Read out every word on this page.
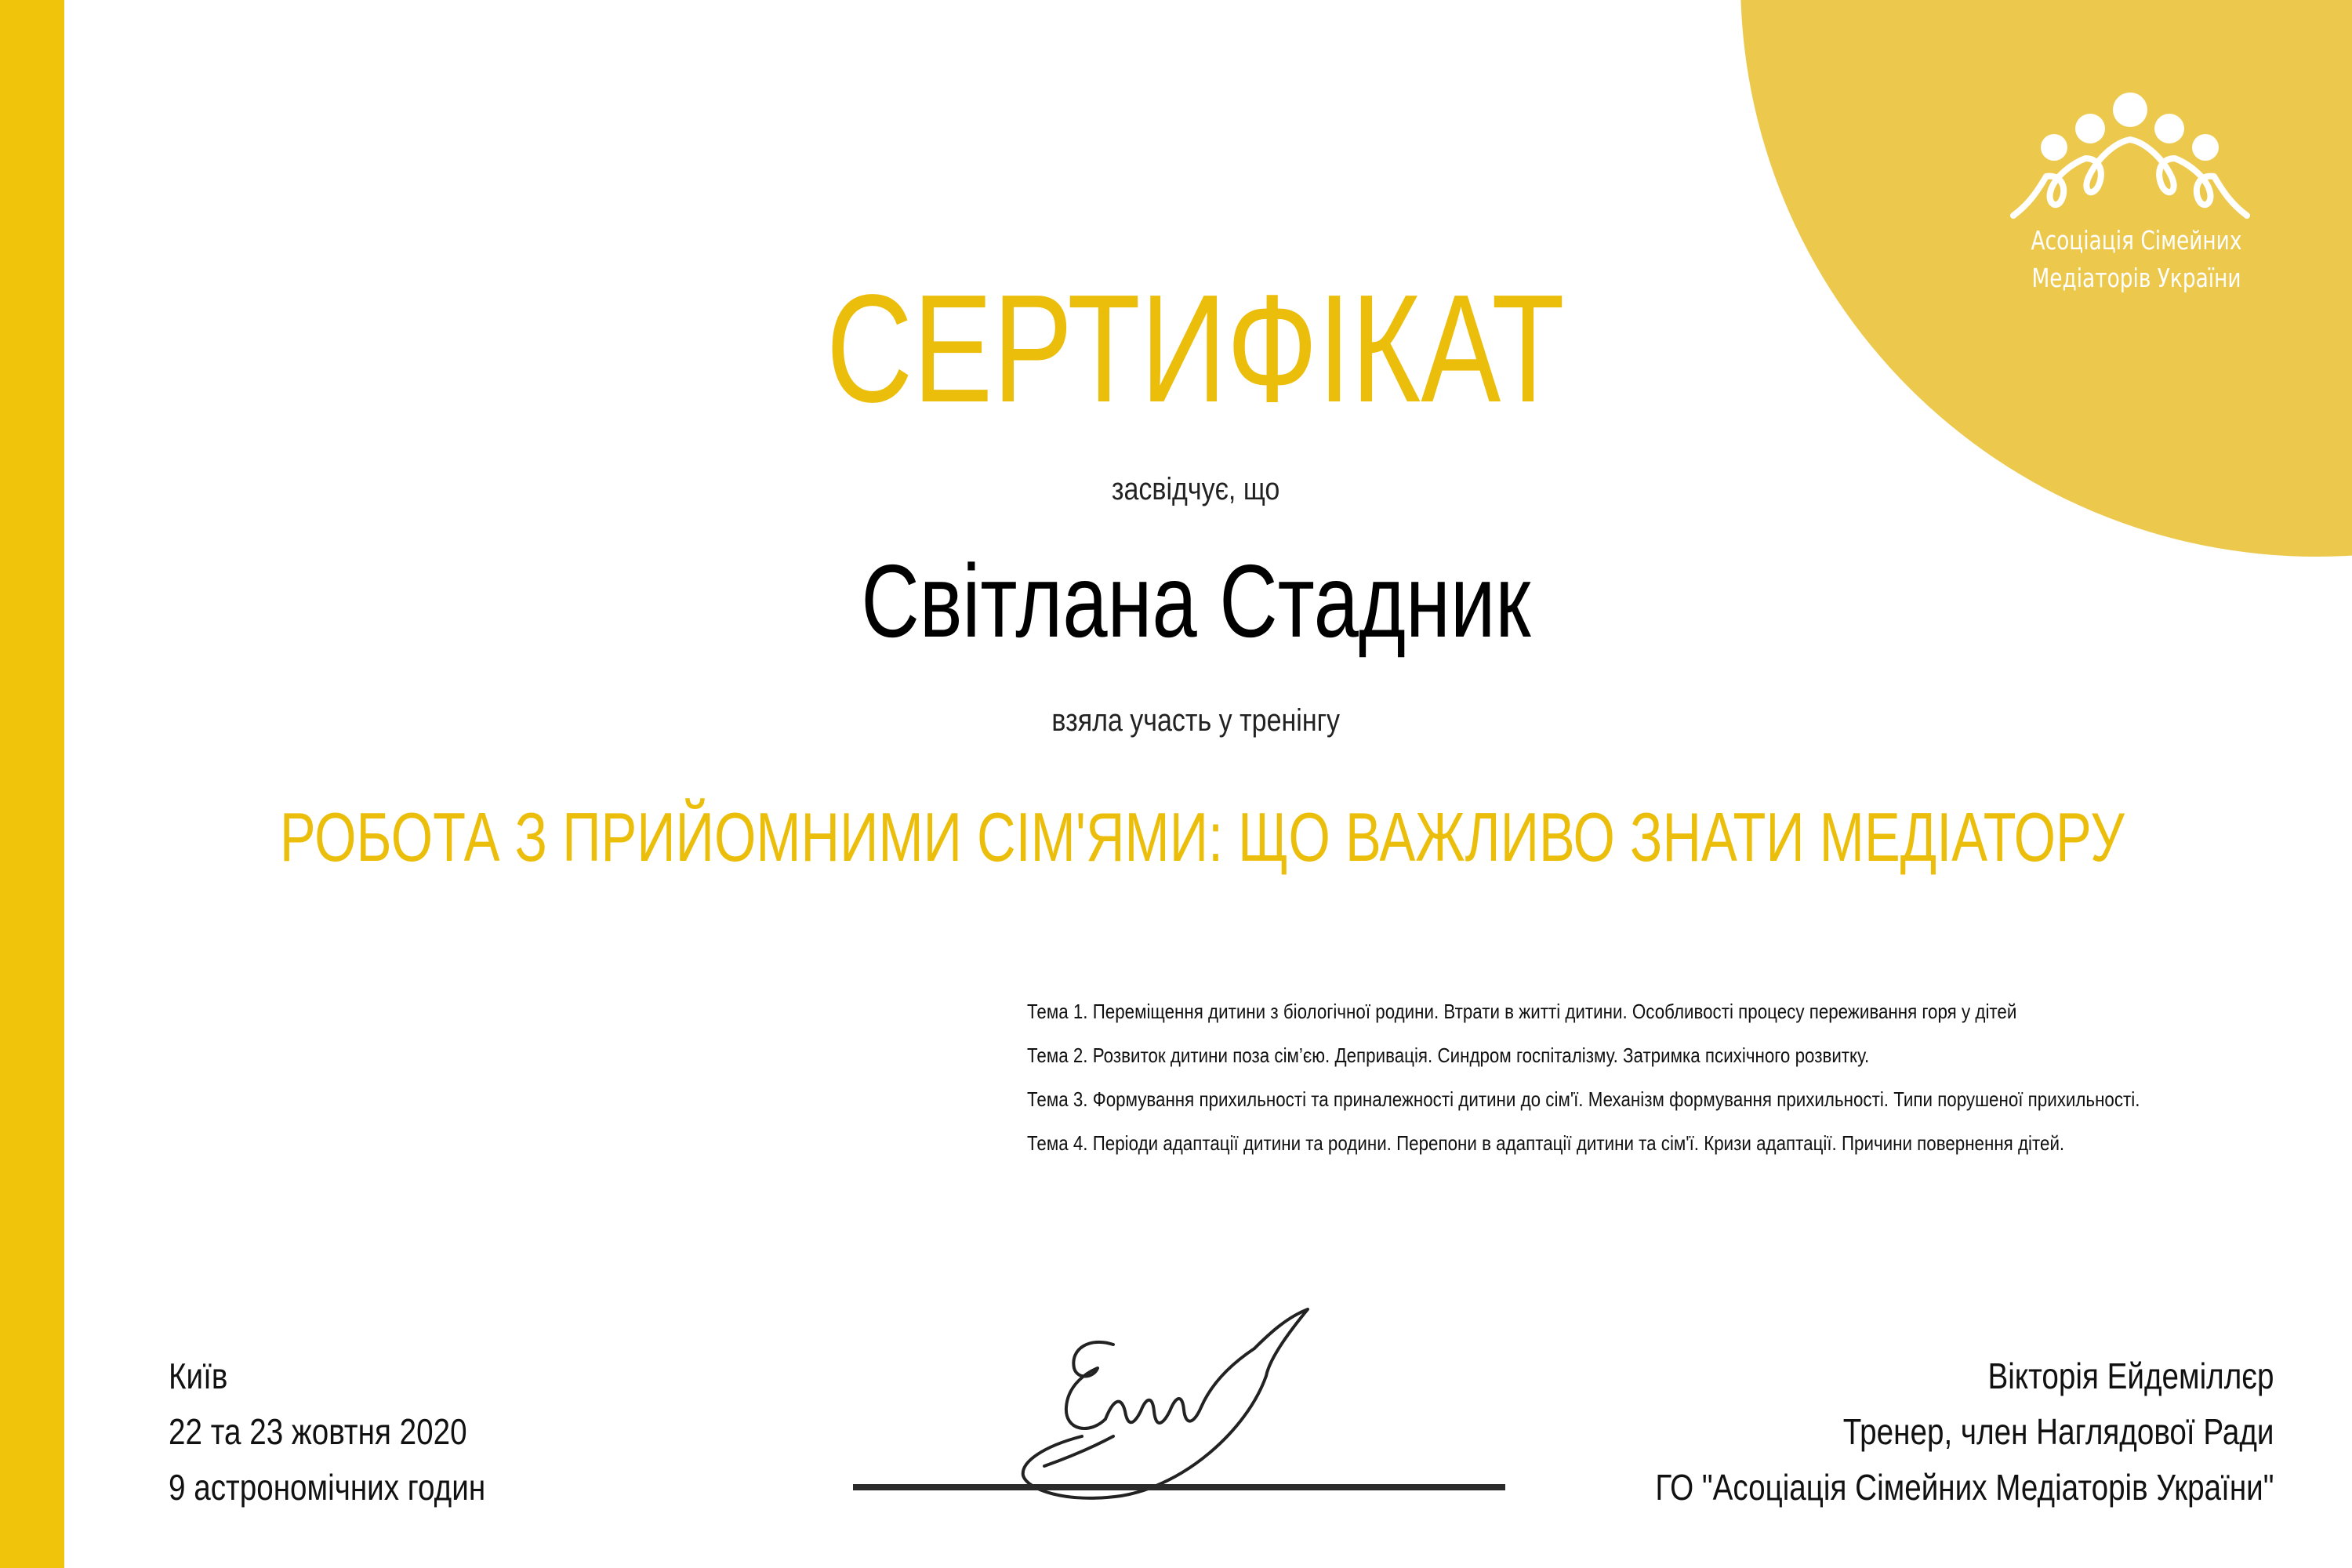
Асоціація Сімейних
Медіаторів України
СЕРТИФІКАТ
засвідчує, що
Світлана Стадник
взяла участь у тренінгу
РОБОТА З ПРИЙОМНИМИ СІМ'ЯМИ: ЩО ВАЖЛИВО ЗНАТИ МЕДІАТОРУ
Тема 1. Переміщення дитини з біологічної родини. Втрати в житті дитини. Особливості процесу переживання горя у дітей
Тема 2. Розвиток дитини поза сім’єю. Депривація. Синдром госпіталізму. Затримка психічного розвитку.
Тема 3. Формування прихильності та приналежності дитини до сім'ї. Механізм формування прихильності. Типи порушеної прихильності.
Тема 4. Періоди адаптації дитини та родини. Перепони в адаптації дитини та сім'ї. Кризи адаптації. Причини повернення дітей.
Київ
22 та 23 жовтня 2020
9 астрономічних годин
Вікторія Ейдеміллєр
Тренер, член Наглядової Ради
ГО "Асоціація Сімейних Медіаторів України"
